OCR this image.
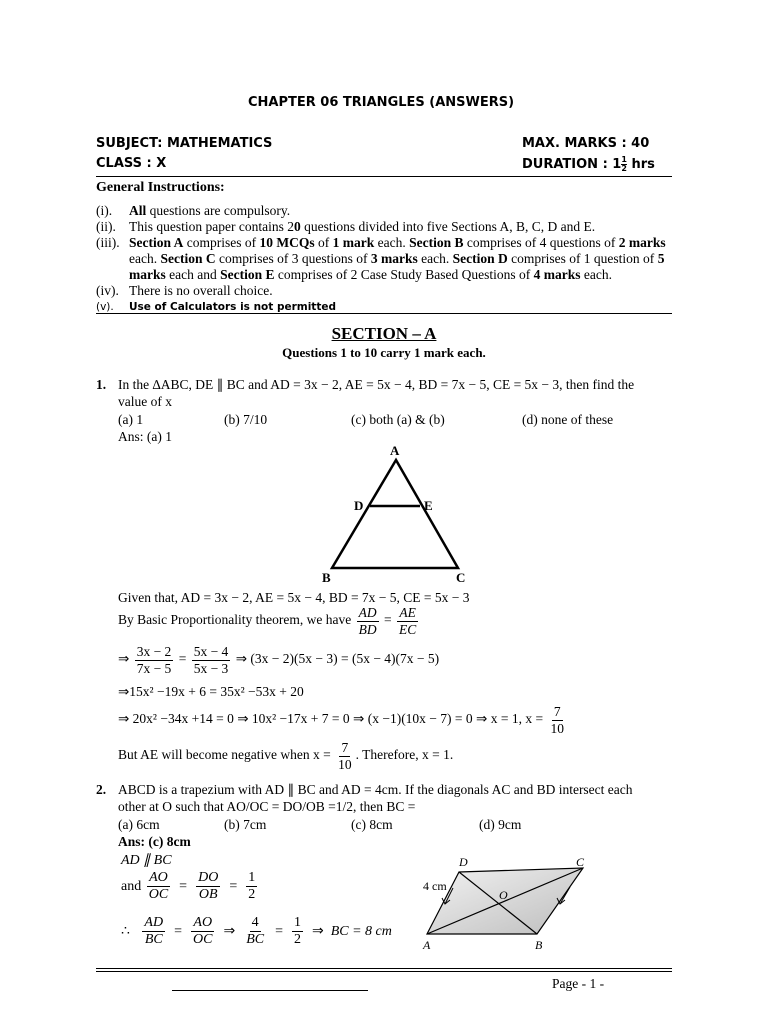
CHAPTER 06 TRIANGLES (ANSWERS)
SUBJECT: MATHEMATICS
CLASS : X
MAX. MARKS : 40
DURATION : $1 \frac{1}{2}$ hrs
General Instructions:
(i). All questions are compulsory.
(ii). This question paper contains 20 questions divided into five Sections A, B, C, D and E.
(iii). Section A comprises of 10 MCQs of 1 mark each. Section B comprises of 4 questions of 2 marks
each. Section C comprises of 3 questions of 3 marks each. Section D comprises of 1 question of 5
marks each and Section E comprises of 2 Case Study Based Questions of 4 marks each.
(iv). There is no overall choice.
(v). Use of Calculators is not permitted
SECTION – A
Questions 1 to 10 carry 1 mark each.
1. In the ∆ABC, DE ∥ BC and AD = 3x − 2, AE = 5x − 4, BD = 7x − 5, CE = 5x − 3, then find the
value of x
(a) 1	(b) 7/10	(c) both (a) & (b)	(d) none of these
Ans: (a) 1
A
D	E
B	C
Given that, AD = 3x − 2, AE = 5x − 4, BD = 7x − 5, CE = 5x − 3
By Basic Proportionality theorem, we have $\frac{AD}{BD} = \frac{AE}{EC}$
⇒ $\frac{3x - 2}{7x - 5} = \frac{5x - 4}{5x - 3}$ ⇒ (3x − 2)(5x − 3) = (5x − 4)(7x − 5)
⇒15x² −19x + 6 = 35x² −53x + 20
⇒ 20x² −34x +14 = 0 ⇒ 10x² −17x + 7 = 0 ⇒ (x −1)(10x − 7) = 0 ⇒ x = 1, $x = \frac{7}{10}$
But AE will become negative when $x = \frac{7}{10}$ . Therefore, x = 1.
2. ABCD is a trapezium with AD ∥ BC and AD = 4cm. If the diagonals AC and BD intersect each
other at O such that AO/OC = DO/OB =1/2, then BC =
(a) 6cm	(b) 7cm	(c) 8cm	(d) 9cm
Ans: (c) 8cm
AD ∥ BC
and $\frac{AO}{OC} = \frac{DO}{OB} = \frac{1}{2}$
∴ $\frac{AD}{BC} = \frac{AO}{OC}$ ⇒ $\frac{4}{BC} = \frac{1}{2}$ ⇒  BC = 8 cm
D	C
O
A	B
4 cm
Page - 1 -
